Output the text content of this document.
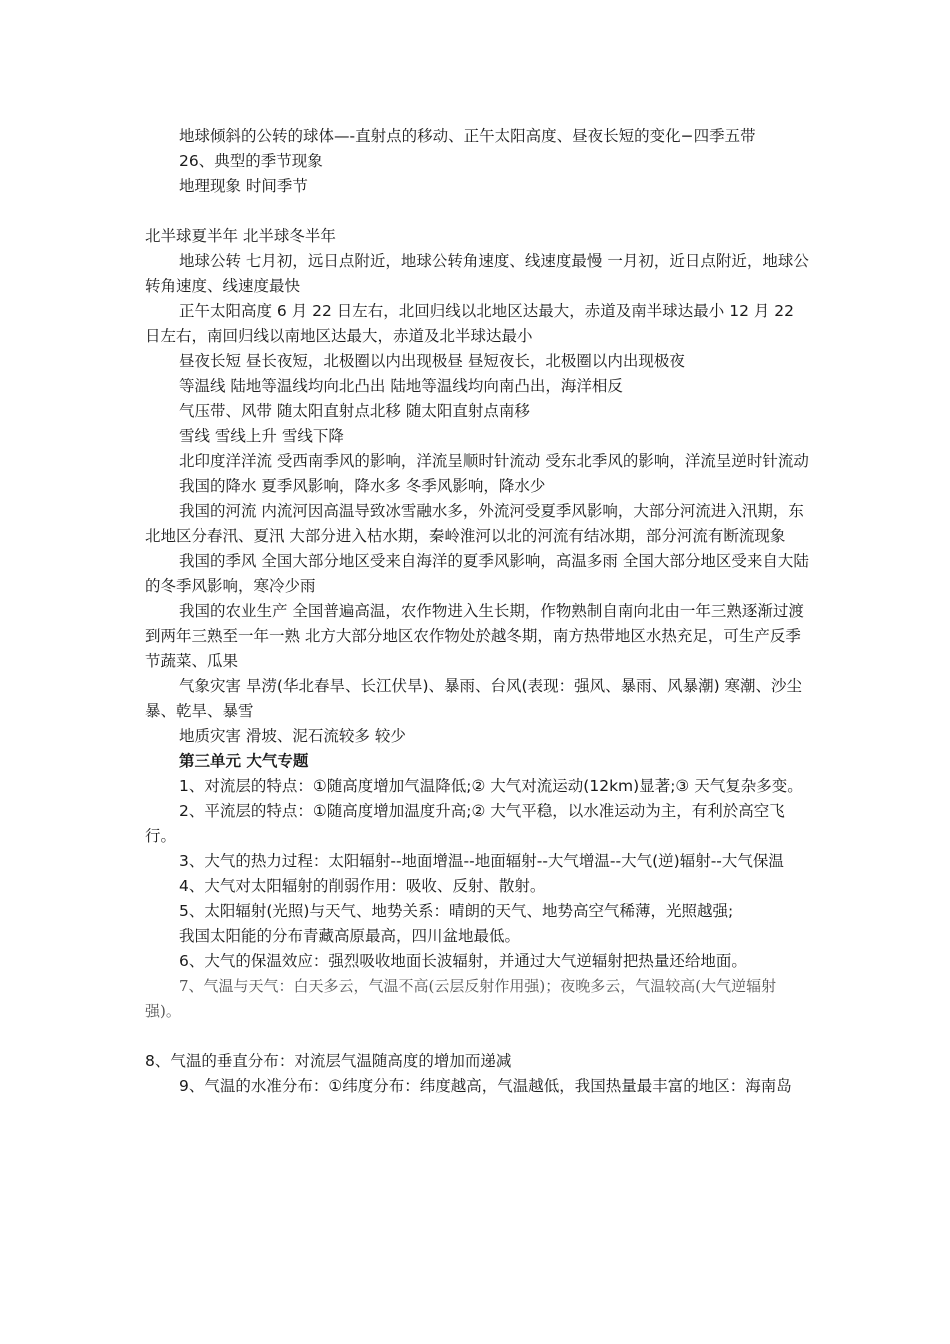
地球倾斜的公转的球体—-直射点的移动、正午太阳高度、昼夜长短的变化−四季五带

26、典型的季节现象

地理现象 时间季节

北半球夏半年 北半球冬半年

地球公转 七月初，远日点附近，地球公转角速度、线速度最慢 一月初，近日点附近，地球公转角速度、线速度最快

正午太阳高度 6 月 22 日左右，北回归线以北地区达最大，赤道及南半球达最小 12 月 22 日左右，南回归线以南地区达最大，赤道及北半球达最小

昼夜长短 昼长夜短，北极圈以内出现极昼 昼短夜长，北极圈以内出现极夜

等温线 陆地等温线均向北凸出 陆地等温线均向南凸出，海洋相反

气压带、风带 随太阳直射点北移 随太阳直射点南移

雪线 雪线上升 雪线下降

北印度洋洋流 受西南季风的影响，洋流呈顺时针流动 受东北季风的影响，洋流呈逆时针流动

我国的降水 夏季风影响，降水多 冬季风影响，降水少

我国的河流 内流河因高温导致冰雪融水多，外流河受夏季风影响，大部分河流进入汛期，东北地区分春汛、夏汛 大部分进入枯水期，秦岭淮河以北的河流有结冰期，部分河流有断流现象

我国的季风 全国大部分地区受来自海洋的夏季风影响，高温多雨 全国大部分地区受来自大陆的冬季风影响，寒冷少雨

我国的农业生产 全国普遍高温，农作物进入生长期，作物熟制自南向北由一年三熟逐渐过渡到两年三熟至一年一熟 北方大部分地区农作物处於越冬期，南方热带地区水热充足，可生产反季节蔬菜、瓜果

气象灾害 旱涝(华北春旱、长江伏旱)、暴雨、台风(表现：强风、暴雨、风暴潮) 寒潮、沙尘暴、乾旱、暴雪

地质灾害 滑坡、泥石流较多 较少

第三单元 大气专题

1、对流层的特点：①随高度增加气温降低;② 大气对流运动(12km)显著;③ 天气复杂多变。

2、平流层的特点：①随高度增加温度升高;② 大气平稳，以水准运动为主，有利於高空飞行。

3、大气的热力过程：太阳辐射--地面增温--地面辐射--大气增温--大气(逆)辐射--大气保温

4、大气对太阳辐射的削弱作用：吸收、反射、散射。

5、太阳辐射(光照)与天气、地势关系：晴朗的天气、地势高空气稀薄，光照越强;

我国太阳能的分布青藏高原最高，四川盆地最低。

6、大气的保温效应：强烈吸收地面长波辐射，并通过大气逆辐射把热量还给地面。

7、气温与天气：白天多云，气温不高(云层反射作用强)；夜晚多云，气温较高(大气逆辐射强)。

8、气温的垂直分布：对流层气温随高度的增加而递减

9、气温的水准分布：①纬度分布：纬度越高，气温越低，我国热量最丰富的地区：海南岛
